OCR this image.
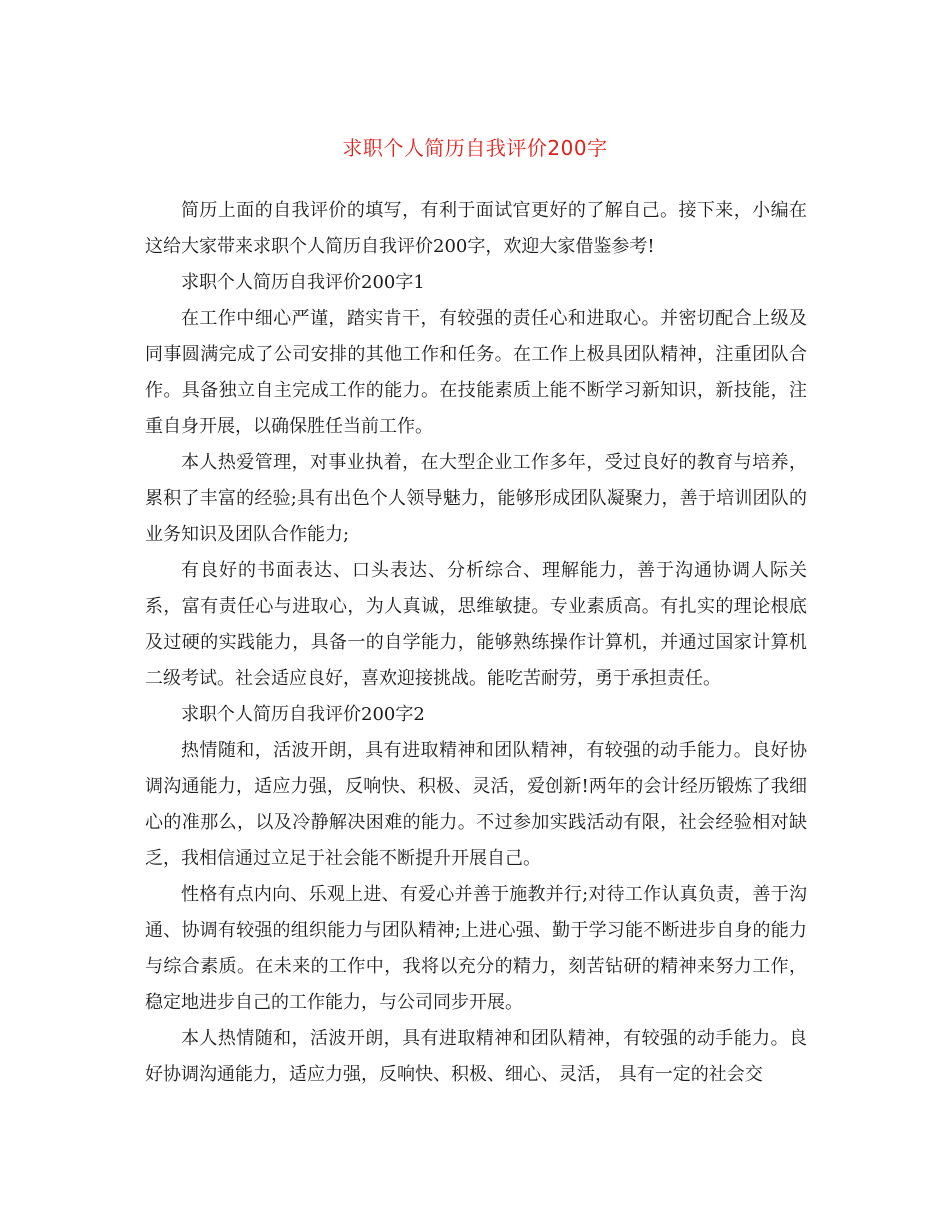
求职个人简历自我评价200字

简历上面的自我评价的填写，有利于面试官更好的了解自己。接下来，小编在这给大家带来求职个人简历自我评价200字，欢迎大家借鉴参考!

求职个人简历自我评价200字1

在工作中细心严谨，踏实肯干，有较强的责任心和进取心。并密切配合上级及同事圆满完成了公司安排的其他工作和任务。在工作上极具团队精神，注重团队合作。具备独立自主完成工作的能力。在技能素质上能不断学习新知识，新技能，注重自身开展，以确保胜任当前工作。

本人热爱管理，对事业执着，在大型企业工作多年，受过良好的教育与培养，累积了丰富的经验;具有出色个人领导魅力，能够形成团队凝聚力，善于培训团队的业务知识及团队合作能力;

有良好的书面表达、口头表达、分析综合、理解能力，善于沟通协调人际关系，富有责任心与进取心，为人真诚，思维敏捷。专业素质高。有扎实的理论根底及过硬的实践能力，具备一的自学能力，能够熟练操作计算机，并通过国家计算机二级考试。社会适应良好，喜欢迎接挑战。能吃苦耐劳，勇于承担责任。

求职个人简历自我评价200字2

热情随和，活波开朗，具有进取精神和团队精神，有较强的动手能力。良好协调沟通能力，适应力强，反响快、积极、灵活，爱创新!两年的会计经历锻炼了我细心的准那么，以及冷静解决困难的能力。不过参加实践活动有限，社会经验相对缺乏，我相信通过立足于社会能不断提升开展自己。

性格有点内向、乐观上进、有爱心并善于施教并行;对待工作认真负责，善于沟通、协调有较强的组织能力与团队精神;上进心强、勤于学习能不断进步自身的能力与综合素质。在未来的工作中，我将以充分的精力，刻苦钻研的精神来努力工作，稳定地进步自己的工作能力，与公司同步开展。

本人热情随和，活波开朗，具有进取精神和团队精神，有较强的动手能力。良好协调沟通能力，适应力强，反响快、积极、细心、灵活， 具有一定的社会交
